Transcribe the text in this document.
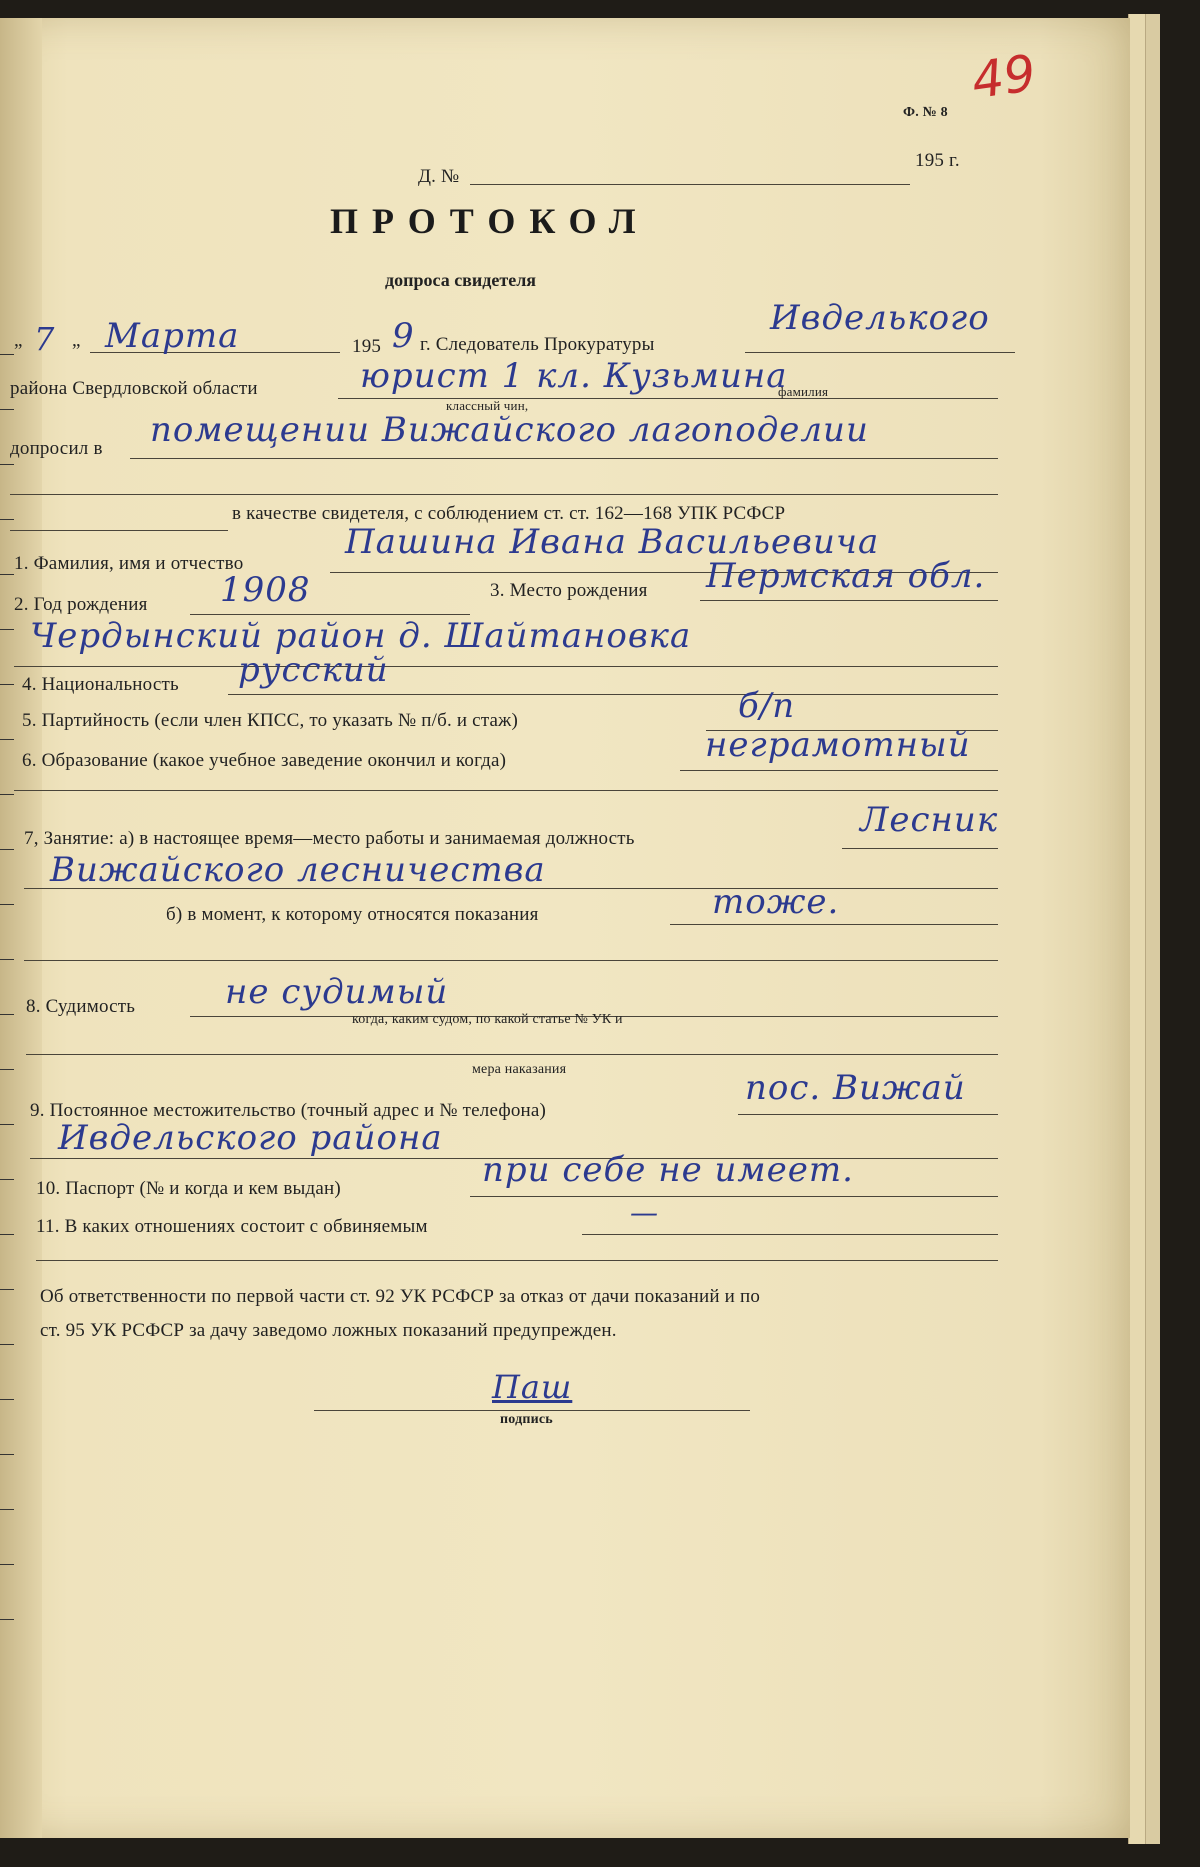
Ф. № 8
49
Д. №
195 г.
ПРОТОКОЛ
допроса свидетеля
„ 7 „ Марта	195 9 г. Следователь Прокуратуры
Ивделького
района Свердловской области	юрист 1 кл. Кузьмина
классный чин,
фамилия
допросил в помещении Вижайского лагоподелии
в качестве свидетеля, с соблюдением ст. ст. 162—168 УПК РСФСР
1. Фамилия, имя и отчество
Пашина Ивана Васильевича
2. Год рождения 1908	3. Место рождения Пермская обл.
Чердынский район д. Шайтановка
4. Национальность русский
5. Партийность (если член КПСС, то указать № п/б. и стаж)	б/п
6. Образование (какое учебное заведение окончил и когда)	неграмотный
7, Занятие: а) в настоящее время—место работы и занимаемая должность	Лесник
Вижайского лесничества
б) в момент, к которому относятся показания	тоже.
8. Судимость	не судимый
когда, каким судом, по какой статье № УК и
мера наказания
9. Постоянное местожительство (точный адрес и № телефона)
пос. Вижай
Ивдельского района
10. Паспорт (№ и когда и кем выдан)	при себе не имеет.
11. В каких отношениях состоит с обвиняемым	—
Об ответственности по первой части ст. 92 УК РСФСР за отказ от дачи показаний и по
ст. 95 УК РСФСР за дачу заведомо ложных показаний предупрежден.
Паш
подпись
